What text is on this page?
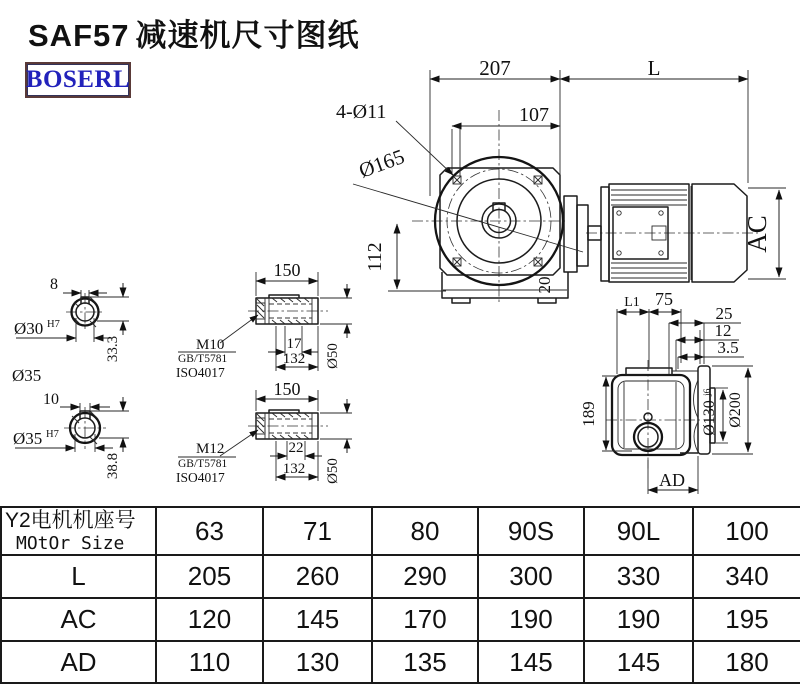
SAF57 减速机尺寸图纸
BOSERL	207	L
107
4-Ø11
Ø165
112
20
AC
L1 75
25
12
3.5
189	Ø130
j6 Ø200
AD
8
Ø30 H7
33.3
Ø35
10
Ø35 H7
38.8
150
M10
GB/T5781
ISO4017
17
132 Ø50
150
M12
GB/T5781
ISO4017
22
132 Ø50
Y2电机机座号
MOtOr Size	63	71	80	90S	90L	100
L	205	260	290	300	330	340
AC	120	145	170	190	190	195
AD	110	130	135	145	145	180
